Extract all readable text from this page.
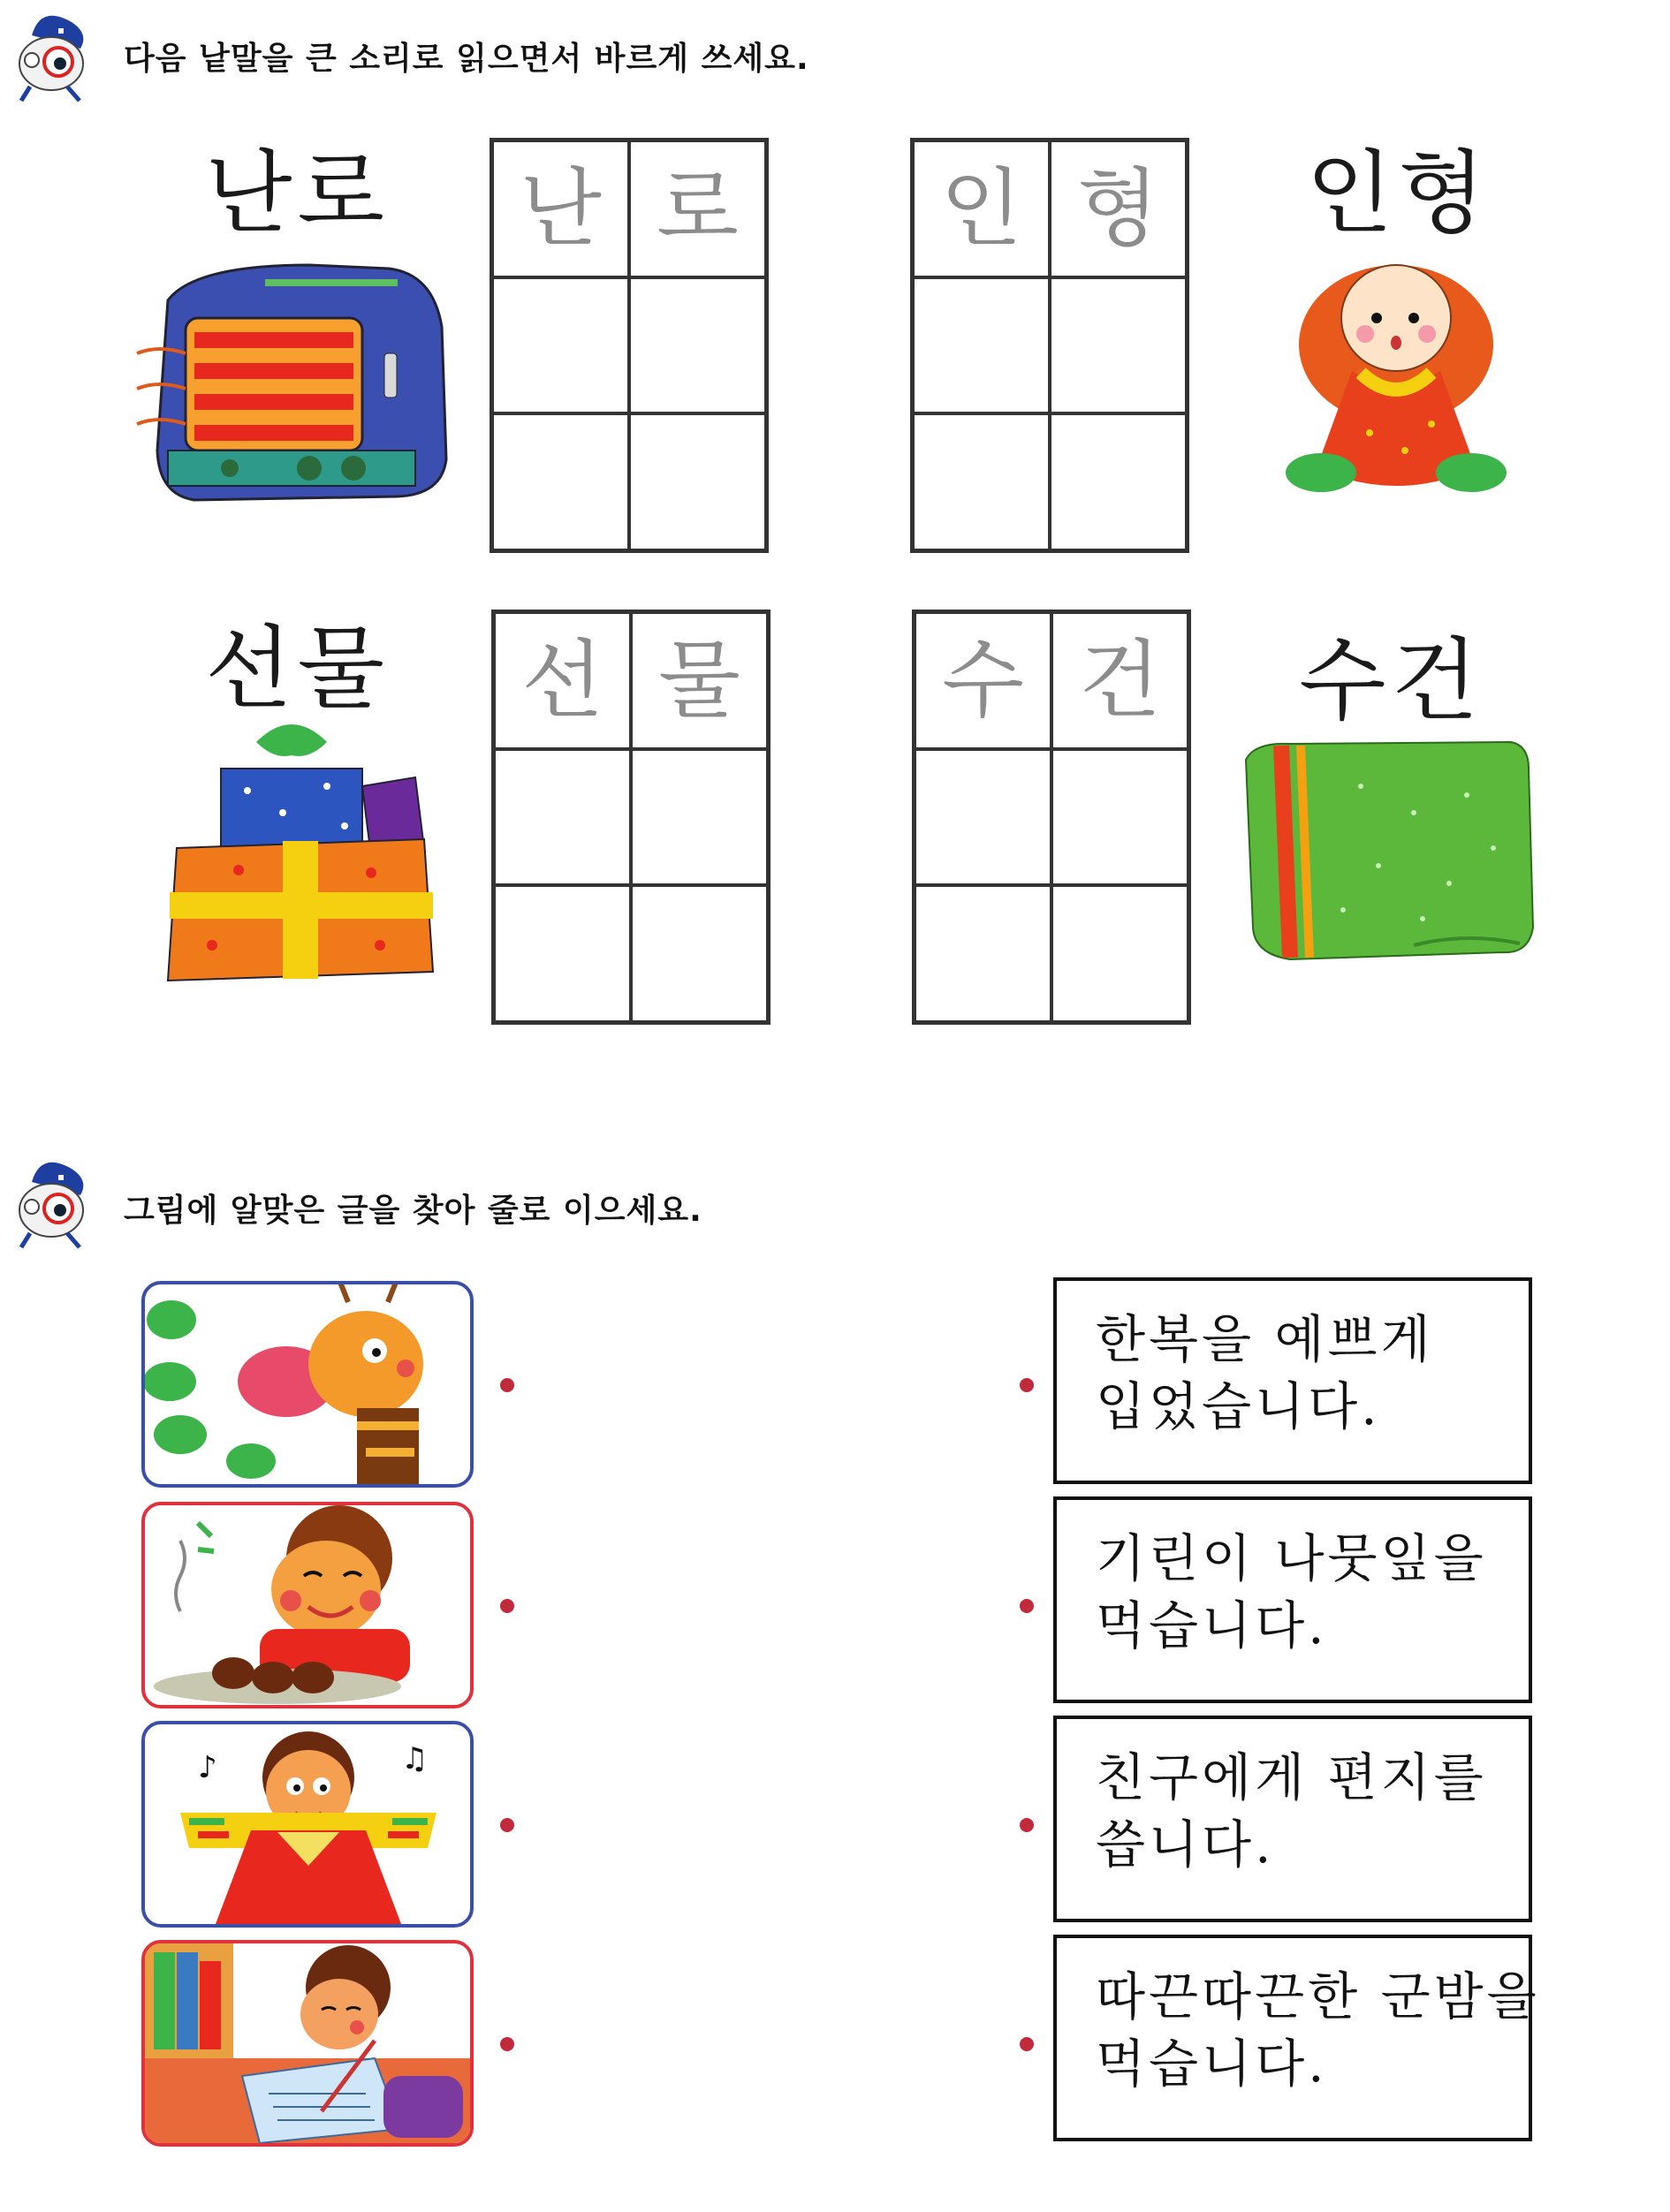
다음 낱말을 큰 소리로 읽으면서 바르게 쓰세요.
난로 난 로 인 형 인형
선물 선 물 수 건 수건
그림에 알맞은 글을 찾아 줄로 이으세요.
♪	♫
한복을 예쁘게
입었습니다.
기린이 나뭇잎을
먹습니다.
친구에게 편지를
씁니다.
따끈따끈한 군밤을
먹습니다.
